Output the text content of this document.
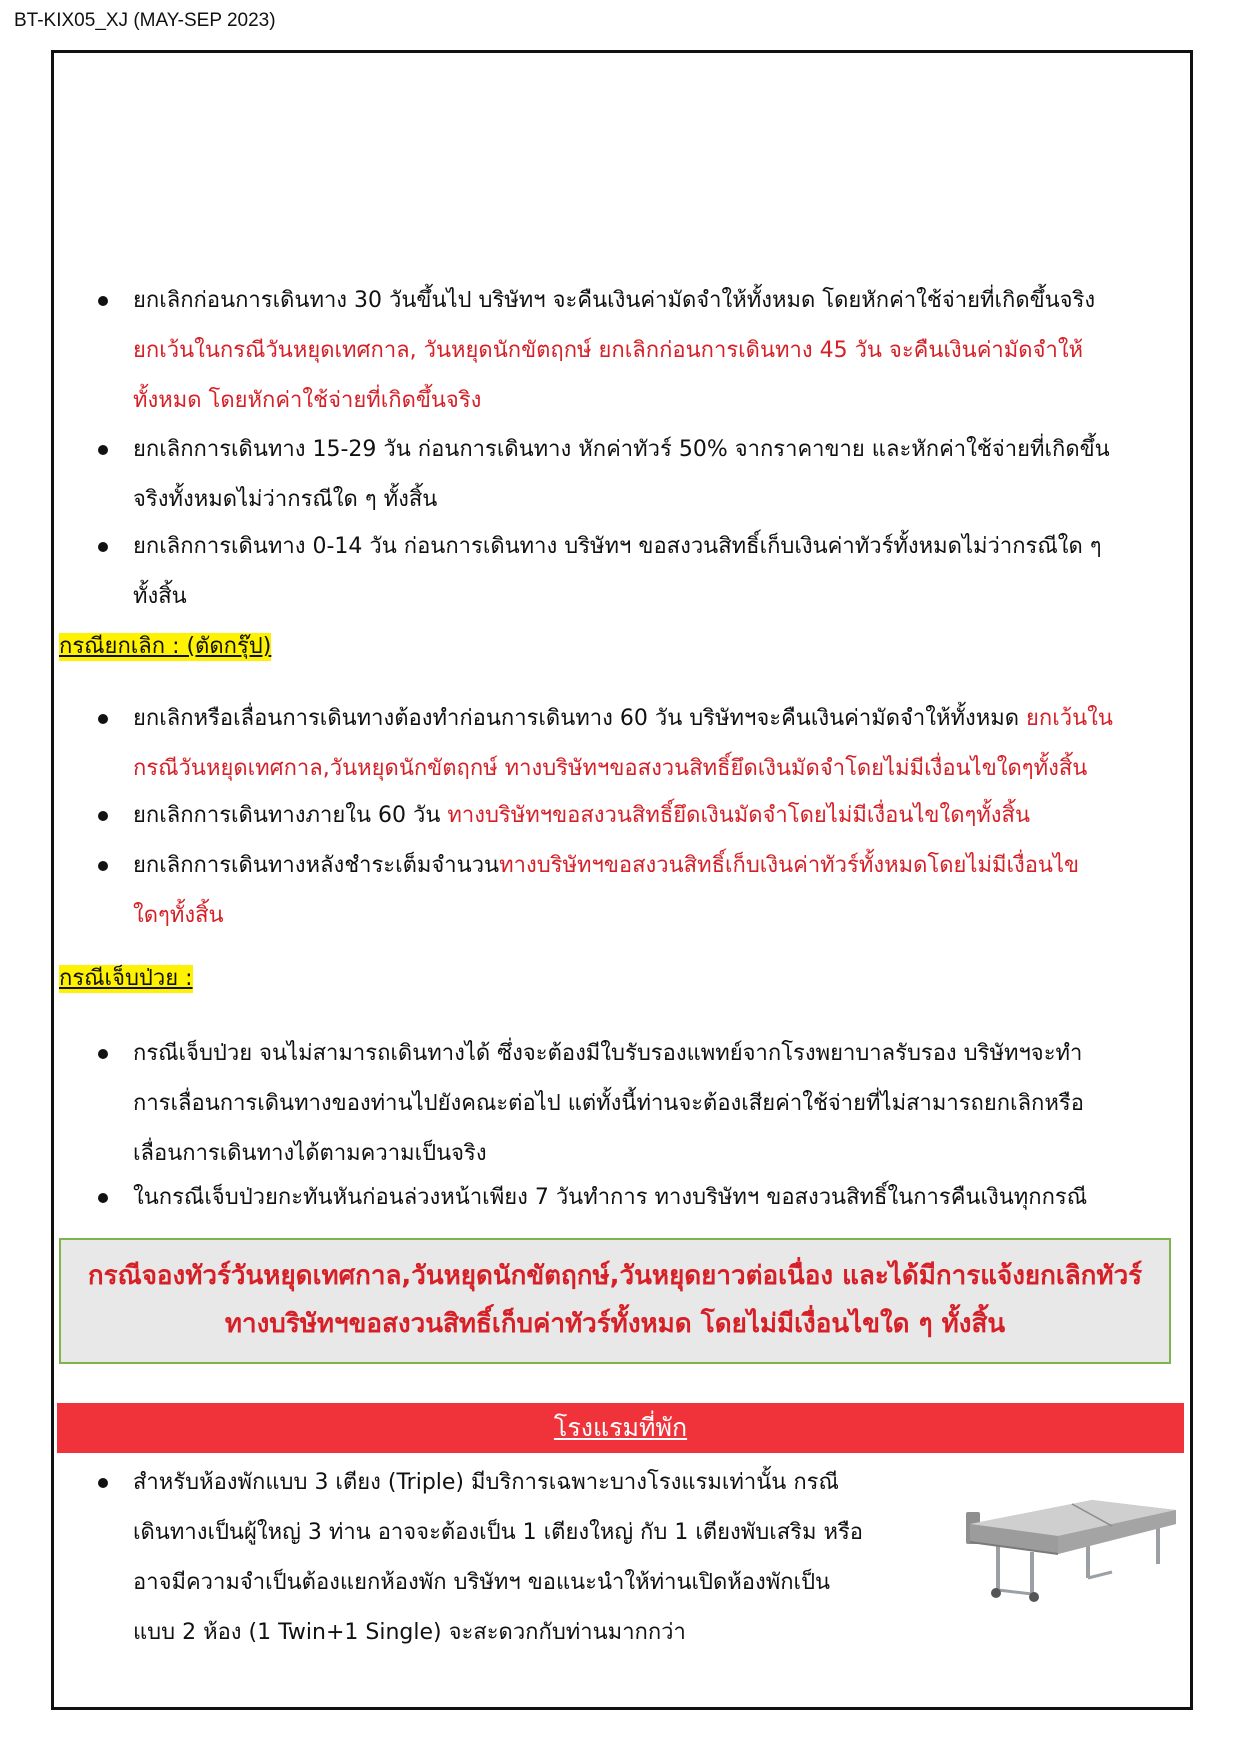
BT-KIX05_XJ (MAY-SEP 2023)
ยกเลิกก่อนการเดินทาง 30 วันขึ้นไป บริษัทฯ จะคืนเงินค่ามัดจำให้ทั้งหมด โดยหักค่าใช้จ่ายที่เกิดขึ้นจริง
ยกเว้นในกรณีวันหยุดเทศกาล, วันหยุดนักขัตฤกษ์ ยกเลิกก่อนการเดินทาง 45 วัน จะคืนเงินค่ามัดจำให้
ทั้งหมด โดยหักค่าใช้จ่ายที่เกิดขึ้นจริง
ยกเลิกการเดินทาง 15-29 วัน ก่อนการเดินทาง หักค่าทัวร์ 50% จากราคาขาย และหักค่าใช้จ่ายที่เกิดขึ้น
จริงทั้งหมดไม่ว่ากรณีใด ๆ ทั้งสิ้น
ยกเลิกการเดินทาง 0-14 วัน ก่อนการเดินทาง บริษัทฯ ขอสงวนสิทธิ์เก็บเงินค่าทัวร์ทั้งหมดไม่ว่ากรณีใด ๆ
ทั้งสิ้น
กรณียกเลิก : (ตัดกรุ๊ป)
ยกเลิกหรือเลื่อนการเดินทางต้องทำก่อนการเดินทาง 60 วัน บริษัทฯจะคืนเงินค่ามัดจำให้ทั้งหมด ยกเว้นใน
กรณีวันหยุดเทศกาล,วันหยุดนักขัตฤกษ์ ทางบริษัทฯขอสงวนสิทธิ์ยึดเงินมัดจำโดยไม่มีเงื่อนไขใดๆทั้งสิ้น
ยกเลิกการเดินทางภายใน 60 วัน ทางบริษัทฯขอสงวนสิทธิ์ยึดเงินมัดจำโดยไม่มีเงื่อนไขใดๆทั้งสิ้น
ยกเลิกการเดินทางหลังชำระเต็มจำนวนทางบริษัทฯขอสงวนสิทธิ์เก็บเงินค่าทัวร์ทั้งหมดโดยไม่มีเงื่อนไข
ใดๆทั้งสิ้น
กรณีเจ็บป่วย :
กรณีเจ็บป่วย จนไม่สามารถเดินทางได้ ซึ่งจะต้องมีใบรับรองแพทย์จากโรงพยาบาลรับรอง บริษัทฯจะทำ
การเลื่อนการเดินทางของท่านไปยังคณะต่อไป แต่ทั้งนี้ท่านจะต้องเสียค่าใช้จ่ายที่ไม่สามารถยกเลิกหรือ
เลื่อนการเดินทางได้ตามความเป็นจริง
ในกรณีเจ็บป่วยกะทันหันก่อนล่วงหน้าเพียง 7 วันทำการ ทางบริษัทฯ ขอสงวนสิทธิ์ในการคืนเงินทุกกรณี
กรณีจองทัวร์วันหยุดเทศกาล,วันหยุดนักขัตฤกษ์,วันหยุดยาวต่อเนื่อง และได้มีการแจ้งยกเลิกทัวร์
ทางบริษัทฯขอสงวนสิทธิ์เก็บค่าทัวร์ทั้งหมด โดยไม่มีเงื่อนไขใด ๆ ทั้งสิ้น
โรงแรมที่พัก
สำหรับห้องพักแบบ 3 เตียง (Triple) มีบริการเฉพาะบางโรงแรมเท่านั้น กรณี
เดินทางเป็นผู้ใหญ่ 3 ท่าน อาจจะต้องเป็น 1 เตียงใหญ่ กับ 1 เตียงพับเสริม หรือ
อาจมีความจำเป็นต้องแยกห้องพัก บริษัทฯ ขอแนะนำให้ท่านเปิดห้องพักเป็น
แบบ 2 ห้อง (1 Twin+1 Single) จะสะดวกกับท่านมากกว่า
